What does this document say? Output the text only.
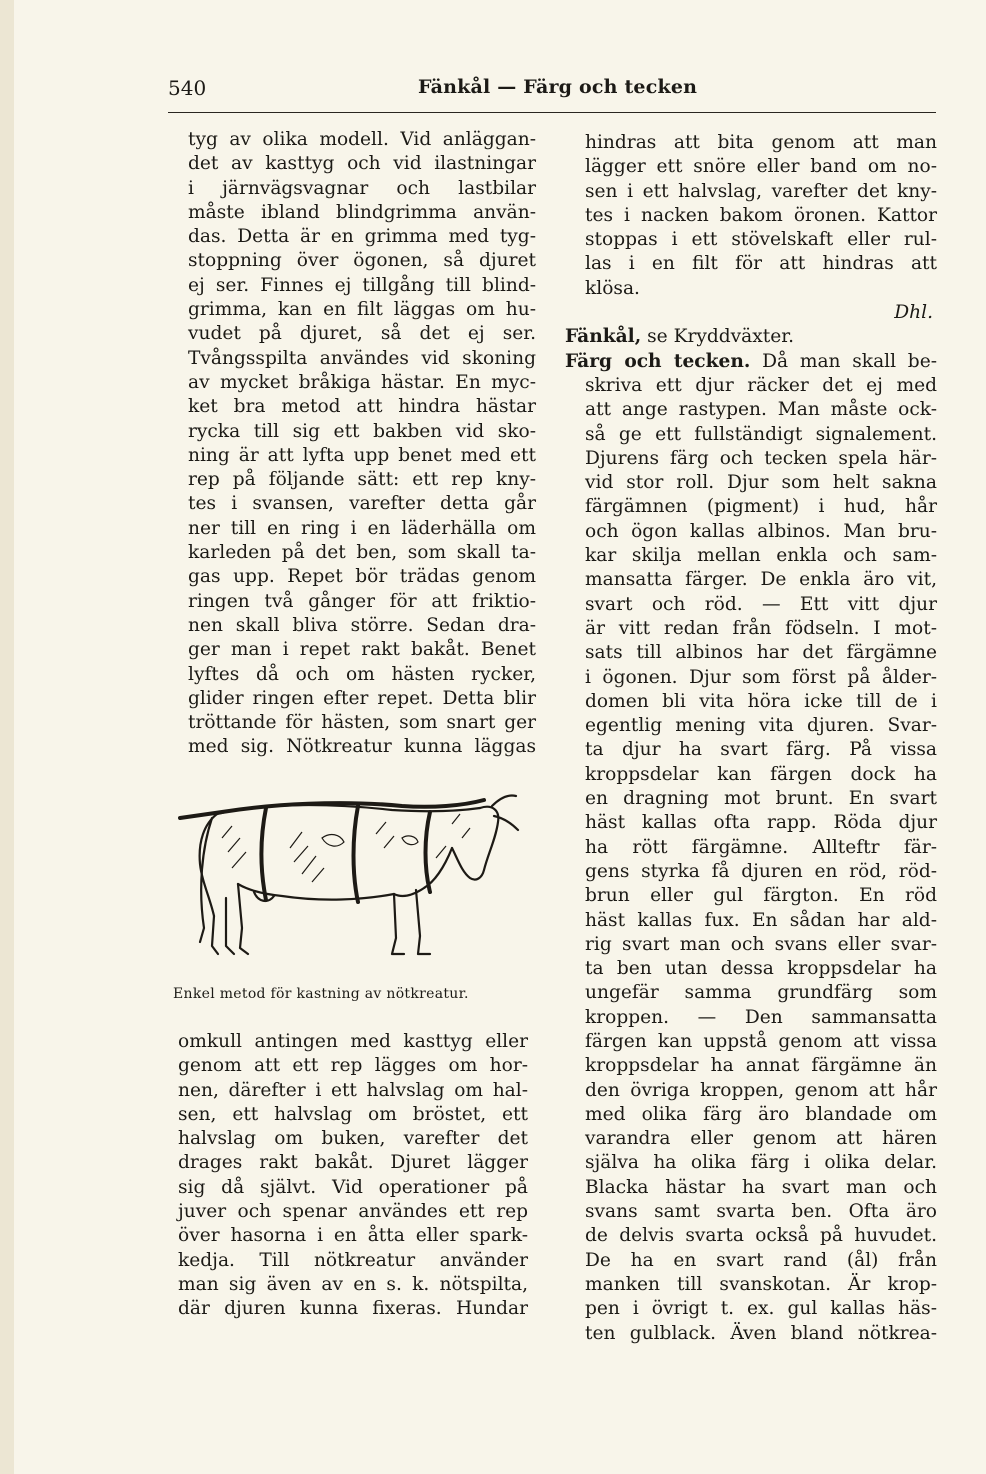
540	Fänkål — Färg och tecken

tyg av olika modell. Vid anläggan-

det av kasttyg och vid ilastningar

i järnvägsvagnar och lastbilar

måste ibland blindgrimma använ-

das. Detta är en grimma med tyg-

stoppning över ögonen, så djuret

ej ser. Finnes ej tillgång till blind-

grimma, kan en filt läggas om hu-

vudet på djuret, så det ej ser.

Tvångsspilta användes vid skoning

av mycket bråkiga hästar. En myc-

ket bra metod att hindra hästar

rycka till sig ett bakben vid sko-

ning är att lyfta upp benet med ett

rep på följande sätt: ett rep kny-

tes i svansen, varefter detta går

ner till en ring i en läderhälla om

karleden på det ben, som skall ta-

gas upp. Repet bör trädas genom

ringen två gånger för att friktio-

nen skall bliva större. Sedan dra-

ger man i repet rakt bakåt. Benet

lyftes då och om hästen rycker,

glider ringen efter repet. Detta blir

tröttande för hästen, som snart ger

med sig. Nötkreatur kunna läggas

Enkel metod för kastning av nötkreatur.

omkull antingen med kasttyg eller

genom att ett rep lägges om hor-

nen, därefter i ett halvslag om hal-

sen, ett halvslag om bröstet, ett

halvslag om buken, varefter det

drages rakt bakåt. Djuret lägger

sig då självt. Vid operationer på

juver och spenar användes ett rep

över hasorna i en åtta eller spark-

kedja. Till nötkreatur använder

man sig även av en s. k. nötspilta,

där djuren kunna fixeras. Hundar

hindras att bita genom att man

lägger ett snöre eller band om no-

sen i ett halvslag, varefter det kny-

tes i nacken bakom öronen. Kattor

stoppas i ett stövelskaft eller rul-

las i en filt för att hindras att

klösa.

Dhl.

Fänkål, se Kryddväxter.

Färg och tecken. Då man skall be-

skriva ett djur räcker det ej med

att ange rastypen. Man måste ock-

så ge ett fullständigt signalement.

Djurens färg och tecken spela här-

vid stor roll. Djur som helt sakna

färgämnen (pigment) i hud, hår

och ögon kallas albinos. Man bru-

kar skilja mellan enkla och sam-

mansatta färger. De enkla äro vit,

svart och röd. — Ett vitt djur

är vitt redan från födseln. I mot-

sats till albinos har det färgämne

i ögonen. Djur som först på ålder-

domen bli vita höra icke till de i

egentlig mening vita djuren. Svar-

ta djur ha svart färg. På vissa

kroppsdelar kan färgen dock ha

en dragning mot brunt. En svart

häst kallas ofta rapp. Röda djur

ha rött färgämne. Allteftr fär-

gens styrka få djuren en röd, röd-

brun eller gul färgton. En röd

häst kallas fux. En sådan har ald-

rig svart man och svans eller svar-

ta ben utan dessa kroppsdelar ha

ungefär samma grundfärg som

kroppen. — Den sammansatta

färgen kan uppstå genom att vissa

kroppsdelar ha annat färgämne än

den övriga kroppen, genom att hår

med olika färg äro blandade om

varandra eller genom att hären

själva ha olika färg i olika delar.

Blacka hästar ha svart man och

svans samt svarta ben. Ofta äro

de delvis svarta också på huvudet.

De ha en svart rand (ål) från

manken till svanskotan. Är krop-

pen i övrigt t. ex. gul kallas häs-

ten gulblack. Även bland nötkrea-
